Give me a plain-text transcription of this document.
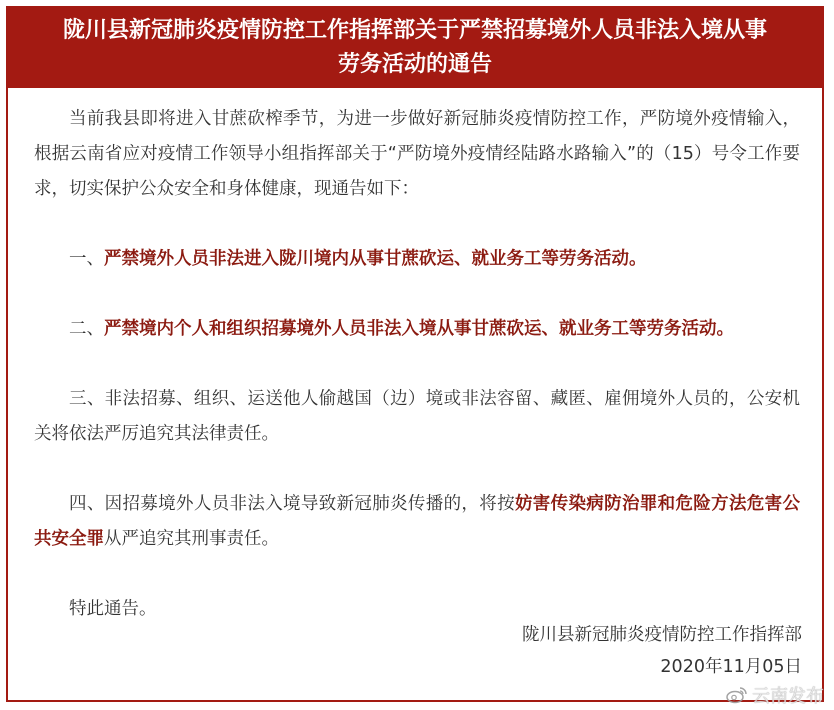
陇川县新冠肺炎疫情防控工作指挥部关于严禁招募境外人员非法入境从事
劳务活动的通告

当前我县即将进入甘蔗砍榨季节，为进一步做好新冠肺炎疫情防控工作，严防境外疫情输入，根据云南省应对疫情工作领导小组指挥部关于“严防境外疫情经陆路水路输入”的（15）号令工作要求，切实保护公众安全和身体健康，现通告如下：

一、严禁境外人员非法进入陇川境内从事甘蔗砍运、就业务工等劳务活动。

二、严禁境内个人和组织招募境外人员非法入境从事甘蔗砍运、就业务工等劳务活动。

三、非法招募、组织、运送他人偷越国（边）境或非法容留、藏匿、雇佣境外人员的，公安机关将依法严厉追究其法律责任。

四、因招募境外人员非法入境导致新冠肺炎传播的，将按妨害传染病防治罪和危险方法危害公共安全罪从严追究其刑事责任。

特此通告。

陇川县新冠肺炎疫情防控工作指挥部
2020年11月05日
云南发布
